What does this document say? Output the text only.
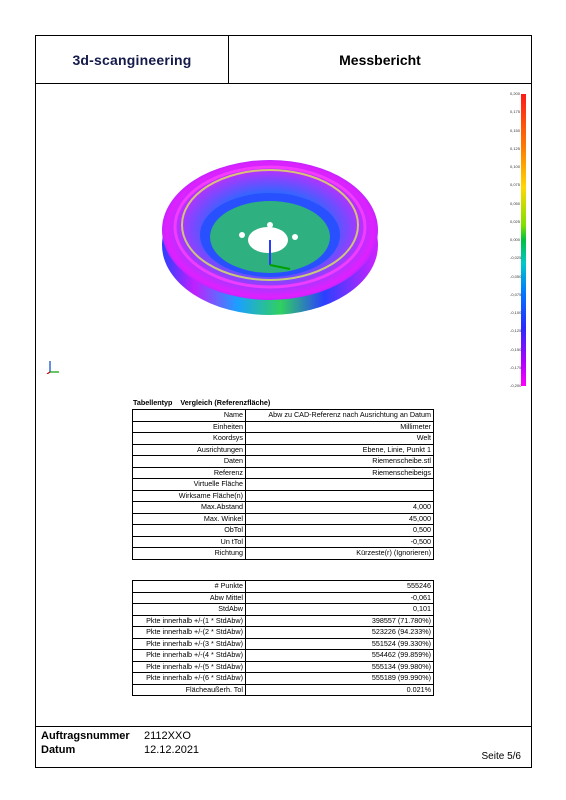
3d-scangineering	Messbericht
Auftragsnummer 2112XXO
Datum	12.12.2021
Seite 5/6
0,200
0,175
0,150
0,125
0,100
0,075
0,050
0,025
0,000
-0,025
-0,050
-0,075
-0,100
-0,125
-0,150
-0,175
-0,200
Tabellentyp Vergleich (Referenzfläche)
Name	Abw zu CAD-Referenz nach Ausrichtung an Datum
Einheiten	Millimeter
Koordsys	Welt
Ausrichtungen	Ebene, Linie, Punkt 1
Daten	Riemenscheibe.stl
Referenz	Riemenscheibeigs
Virtuelle Fläche	
Wirksame Fläche(n)	
Max.Abstand	4,000
Max. Winkel	45,000
ObTol	0,500
Un tTol	-0,500
Richtung	Kürzeste(r) (Ignorieren)
# Punkte	555246
Abw Mittel	-0,061
StdAbw	0,101
Pkte innerhalb +/-(1 * StdAbw)	398557 (71.780%)
Pkte innerhalb +/-(2 * StdAbw)	523226 (94.233%)
Pkte innerhalb +/-(3 * StdAbw)	551524 (99.330%)
Pkte innerhalb +/-(4 * StdAbw)	554462 (99.859%)
Pkte innerhalb +/-(5 * StdAbw)	555134 (99.980%)
Pkte innerhalb +/-(6 * StdAbw)	555189 (99.990%)
Flächeaußerh. Tol	0.021%
